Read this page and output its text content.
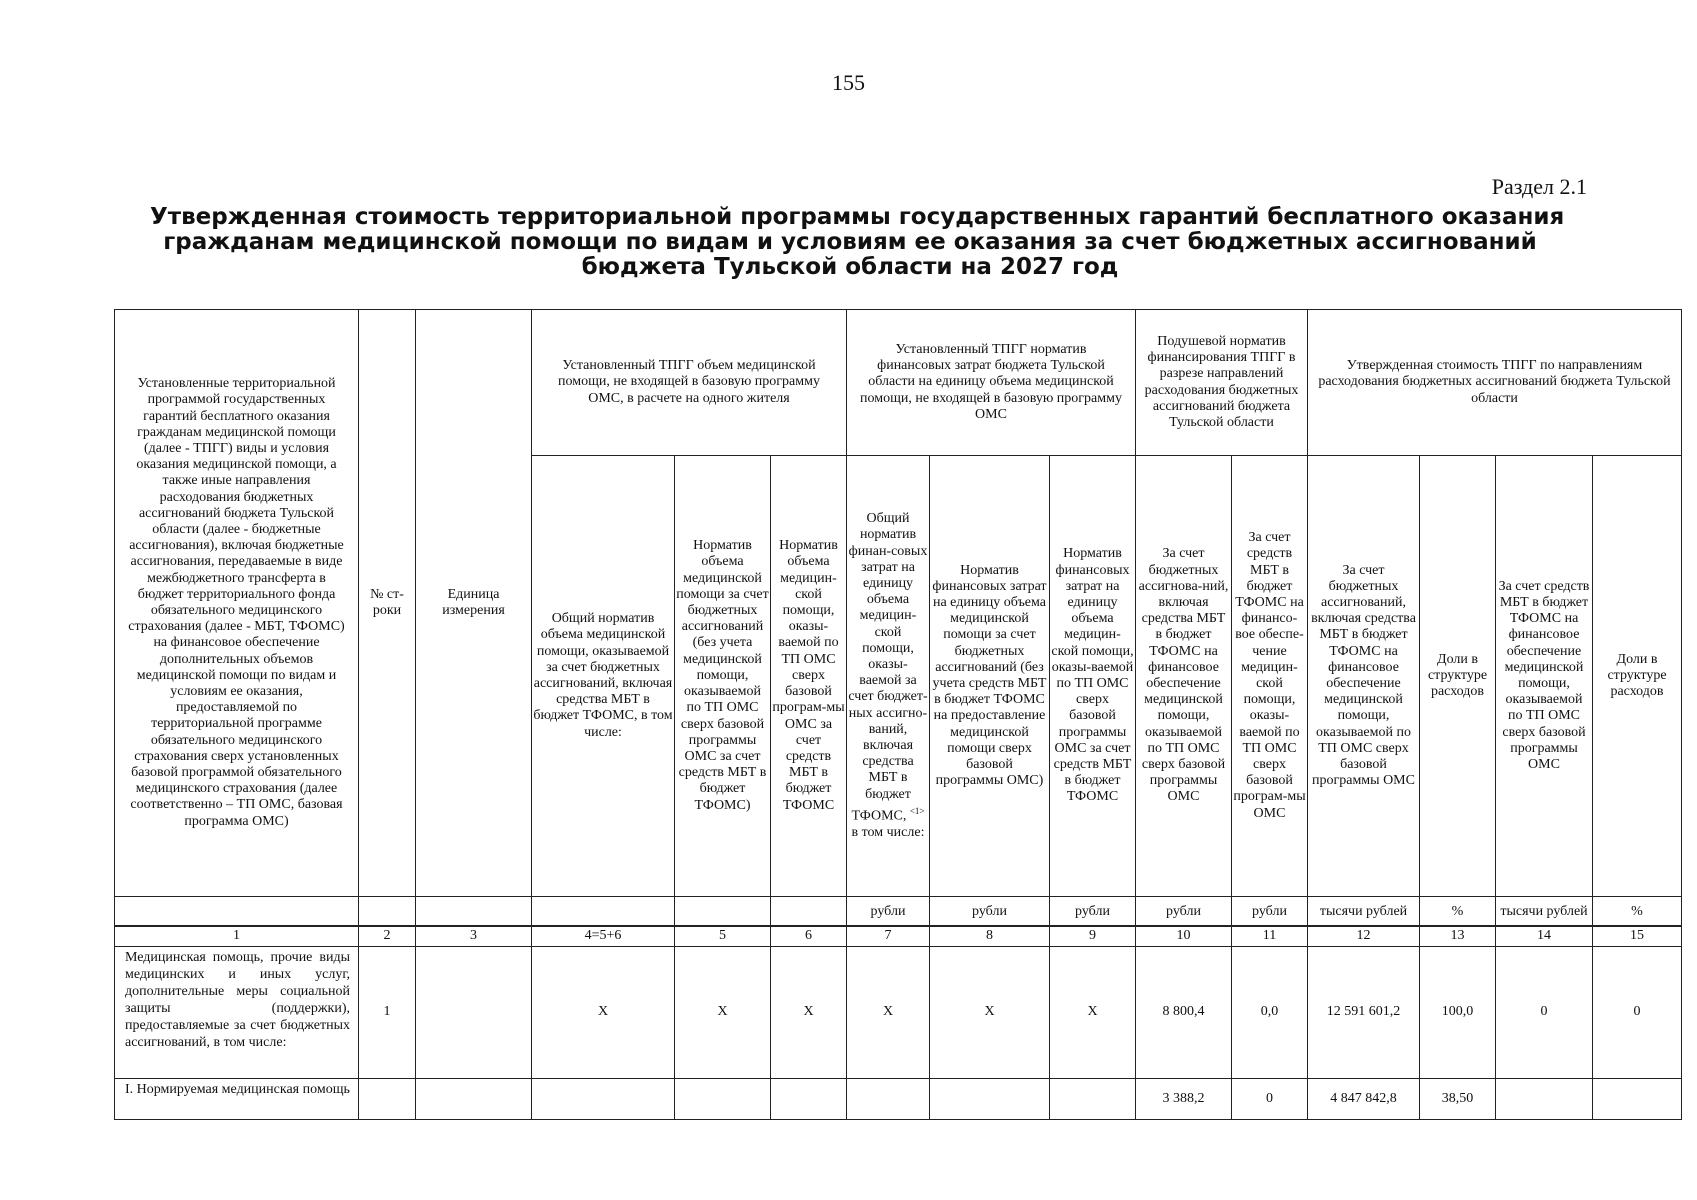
155
Раздел 2.1
Утвержденная стоимость территориальной программы государственных гарантий бесплатного оказания
гражданам медицинской помощи по видам и условиям ее оказания за счет бюджетных ассигнований
бюджета Тульской области на 2027 год
Установленные территориальной программой государственных гарантий бесплатного оказания гражданам медицинской помощи (далее - ТПГГ) виды и условия оказания медицинской помощи, а также иные направления расходования бюджетных ассигнований бюджета Тульской области (далее - бюджетные ассигнования), включая бюджетные ассигнования, передаваемые в виде межбюджетного трансферта в бюджет территориального фонда обязательного медицинского страхования (далее - МБТ, ТФОМС) на финансовое обеспечение дополнительных объемов медицинской помощи по видам и условиям ее оказания, предоставляемой по территориальной программе обязательного медицинского страхования сверх установленных базовой программой обязательного медицинского страхования (далее соответственно – ТП ОМС, базовая программа ОМС)	№ ст-роки	Единица измерения	Установленный ТПГГ объем медицинской помощи, не входящей в базовую программу ОМС, в расчете на одного жителя			Установленный ТПГГ норматив финансовых затрат бюджета Тульской области на единицу объема медицинской помощи, не входящей в базовую программу ОМС			Подушевой норматив финансирования ТПГГ в разрезе направлений расходования бюджетных ассигнований бюджета Тульской области		Утвержденная стоимость ТПГГ по направлениям расходования бюджетных ассигнований бюджета Тульской области			
			Общий норматив объема медицинской помощи, оказываемой за счет бюджетных ассигнований, включая средства МБТ в бюджет ТФОМС, в том числе:	Норматив объема медицинской помощи за счет бюджетных ассигнований (без учета медицинской помощи, оказываемой по ТП ОМС сверх базовой программы ОМС за счет средств МБТ в бюджет ТФОМС)	Норматив объема медицин-ской помощи, оказы-ваемой по ТП ОМС сверх базовой програм-мы ОМС за счет средств МБТ в бюджет ТФОМС	Общий норматив финан-совых затрат на единицу объема медицин-ской помощи, оказы-ваемой за счет бюджет-ных ассигно-ваний, включая средства МБТ в бюджет ТФОМС, $^{<1>}$ в том числе:	Норматив финансовых затрат на единицу объема медицинской помощи за счет бюджетных ассигнований (без учета средств МБТ в бюджет ТФОМС на предоставление медицинской помощи сверх базовой программы ОМС)	Норматив финансовых затрат на единицу объема медицин-ской помощи, оказы-ваемой по ТП ОМС сверх базовой программы ОМС за счет средств МБТ в бюджет ТФОМС	За счет бюджетных ассигнова-ний, включая средства МБТ в бюджет ТФОМС на финансовое обеспечение медицинской помощи, оказываемой по ТП ОМС сверх базовой программы ОМС	За счет средств МБТ в бюджет ТФОМС на финансо-вое обеспе-чение медицин-ской помощи, оказы-ваемой по ТП ОМС сверх базовой програм-мы ОМС	За счет бюджетных ассигнований, включая средства МБТ в бюджет ТФОМС на финансовое обеспечение медицинской помощи, оказываемой по ТП ОМС сверх базовой программы ОМС	Доли в структуре расходов	За счет средств МБТ в бюджет ТФОМС на финансовое обеспечение медицинской помощи, оказываемой по ТП ОМС сверх базовой программы ОМС	Доли в структуре расходов
						рубли	рубли	рубли	рубли	рубли	тысячи рублей	%	тысячи рублей	%
1	2	3	4=5+6	5	6	7	8	9	10	11	12	13	14	15
Медицинская помощь, прочие виды медицинских и иных услуг, дополнительные меры социальной защиты (поддержки), предоставляемые за счет бюджетных ассигнований, в том числе:	1		X	X	X	X	X	X	8 800,4	0,0	12 591 601,2	100,0	0	0
I. Нормируемая медицинская помощь									3 388,2	0	4 847 842,8	38,50		
